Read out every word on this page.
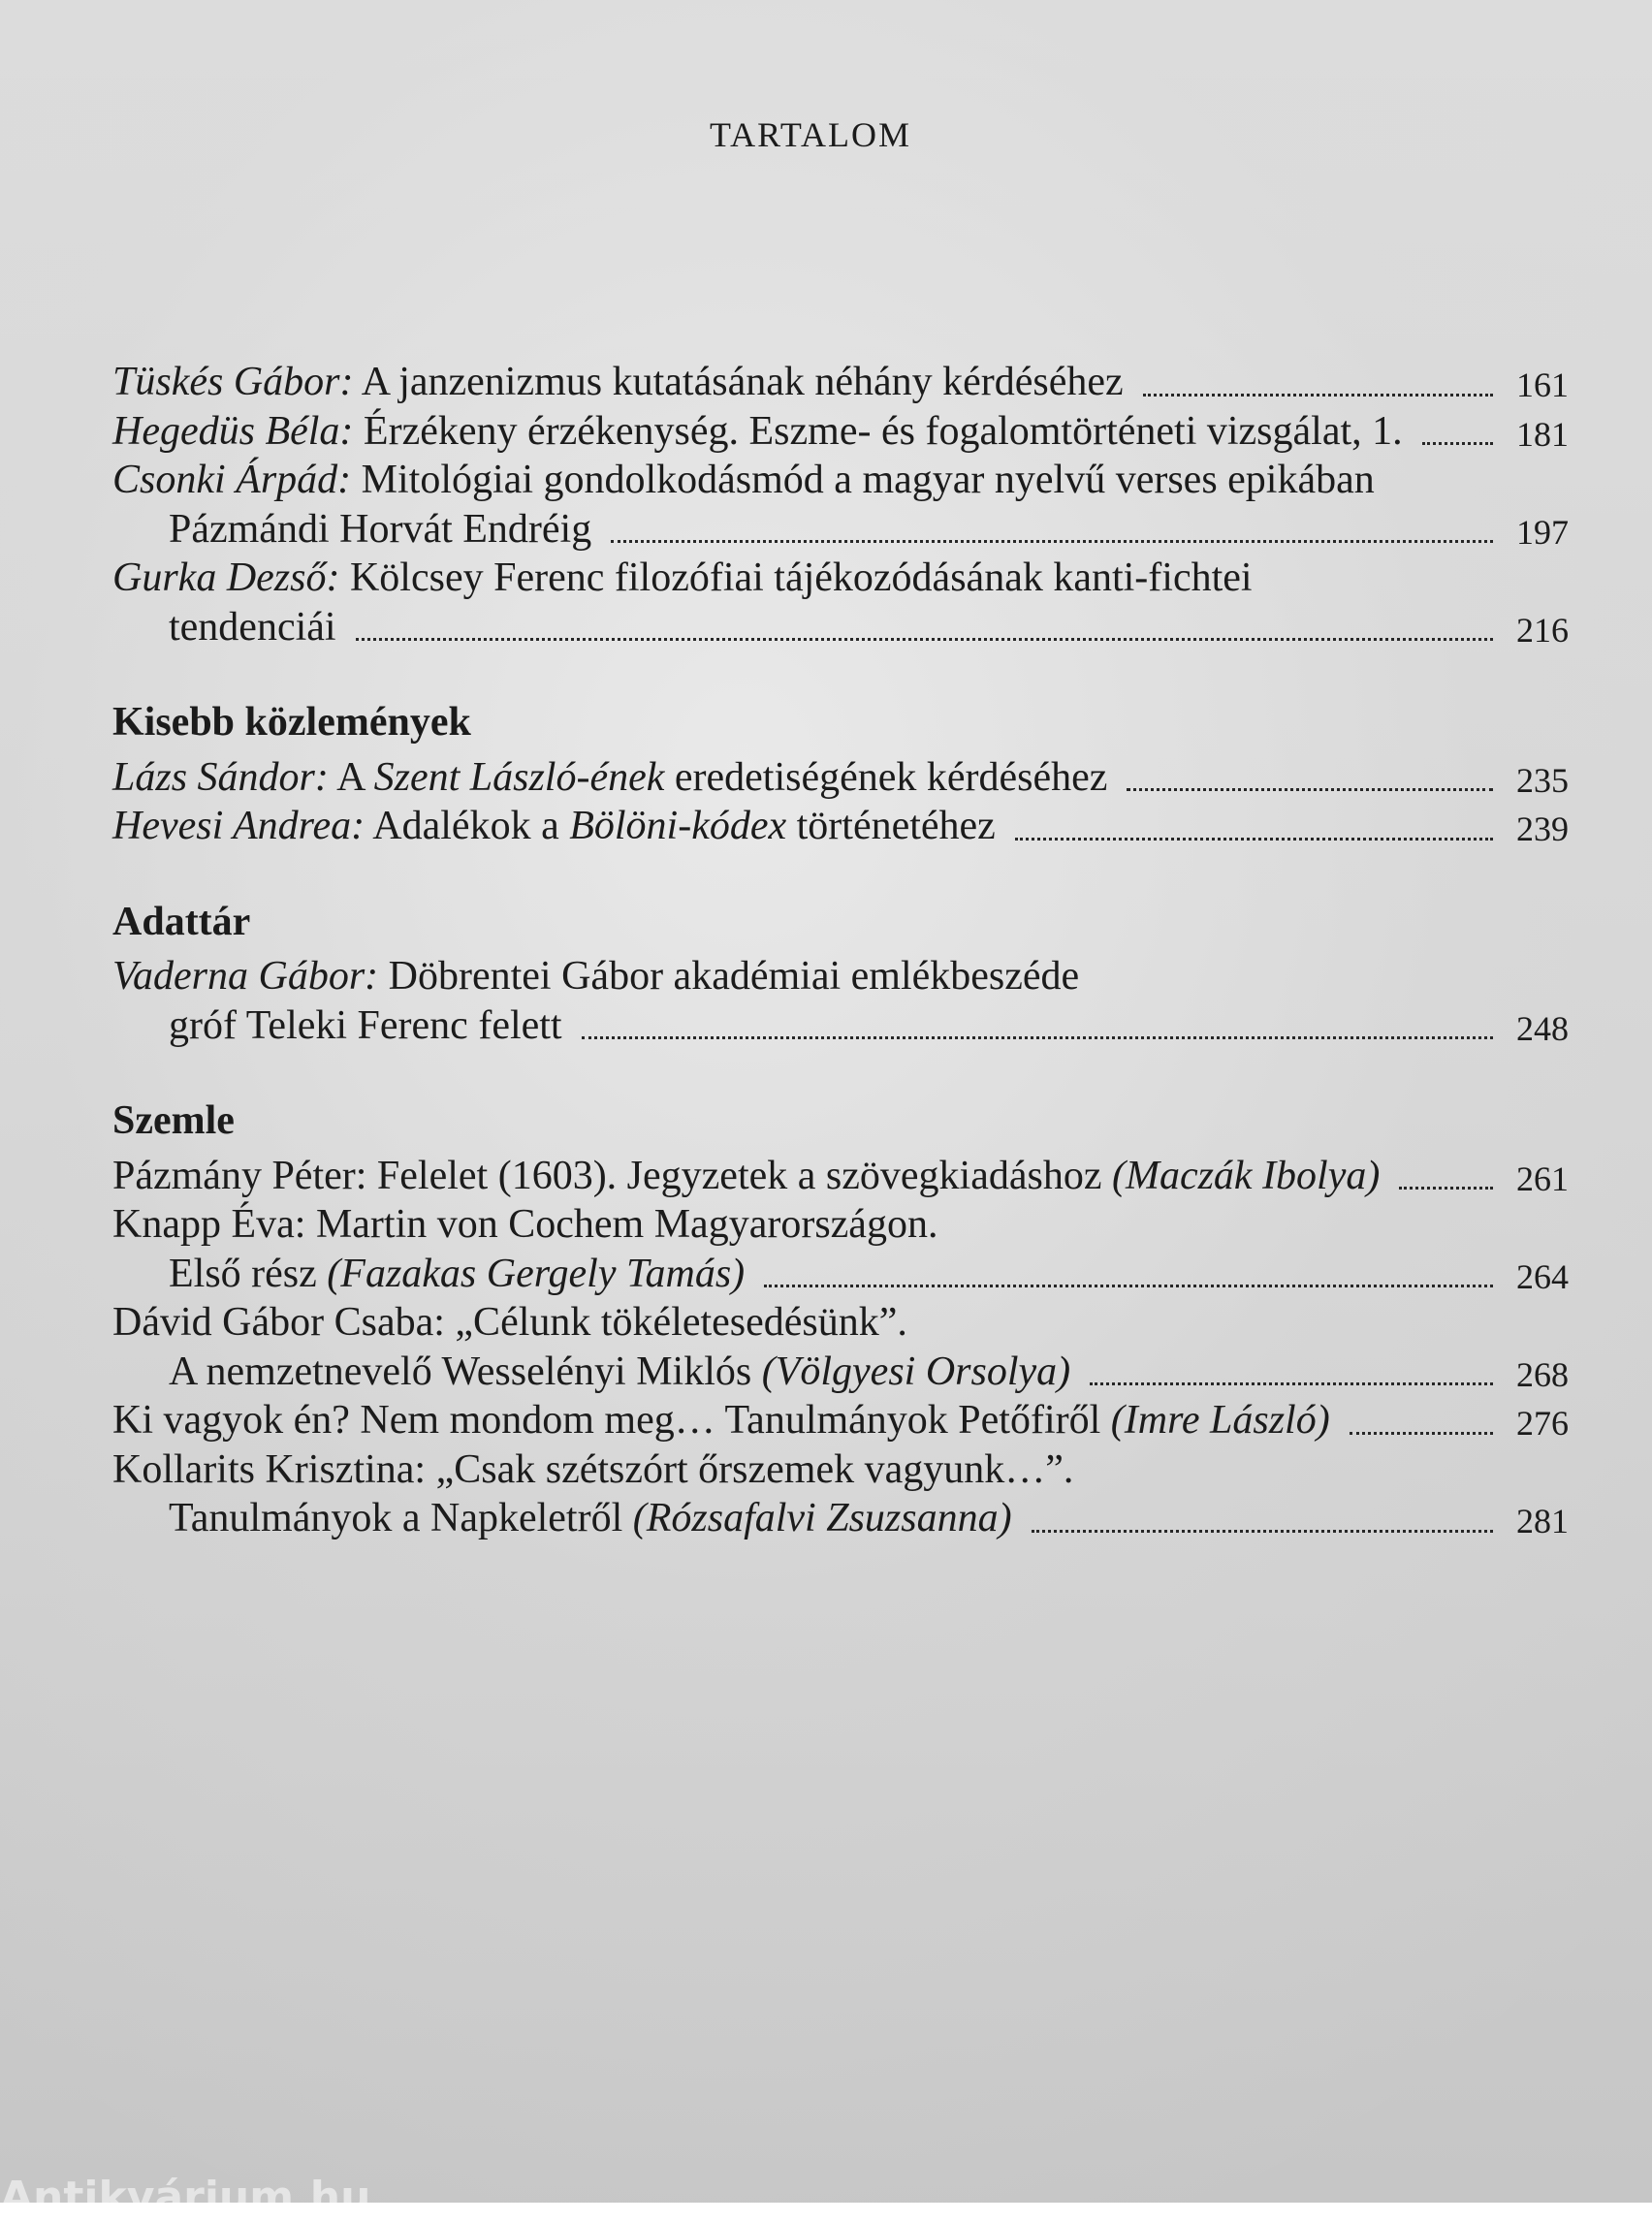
TARTALOM
Tüskés Gábor: A janzenizmus kutatásának néhány kérdéséhez	161
Hegedüs Béla: Érzékeny érzékenység. Eszme- és fogalomtörténeti vizsgálat, 1.	181
Csonki Árpád: Mitológiai gondolkodásmód a magyar nyelvű verses epikában
Pázmándi Horvát Endréig	197
Gurka Dezső: Kölcsey Ferenc filozófiai tájékozódásának kanti-fichtei
tendenciái	216
Kisebb közlemények
Lázs Sándor: A Szent László-ének eredetiségének kérdéséhez	235
Hevesi Andrea: Adalékok a Bölöni-kódex történetéhez	239
Adattár
Vaderna Gábor: Döbrentei Gábor akadémiai emlékbeszéde
gróf Teleki Ferenc felett	248
Szemle
Pázmány Péter: Felelet (1603). Jegyzetek a szövegkiadáshoz (Maczák Ibolya)	261
Knapp Éva: Martin von Cochem Magyarországon.
Első rész (Fazakas Gergely Tamás)	264
Dávid Gábor Csaba: „Célunk tökéletesedésünk”.
A nemzetnevelő Wesselényi Miklós (Völgyesi Orsolya)	268
Ki vagyok én? Nem mondom meg… Tanulmányok Petőfiről (Imre László)	276
Kollarits Krisztina: „Csak szétszórt őrszemek vagyunk…”.
Tanulmányok a Napkeletről (Rózsafalvi Zsuzsanna)	281
Antikvárium.hu
